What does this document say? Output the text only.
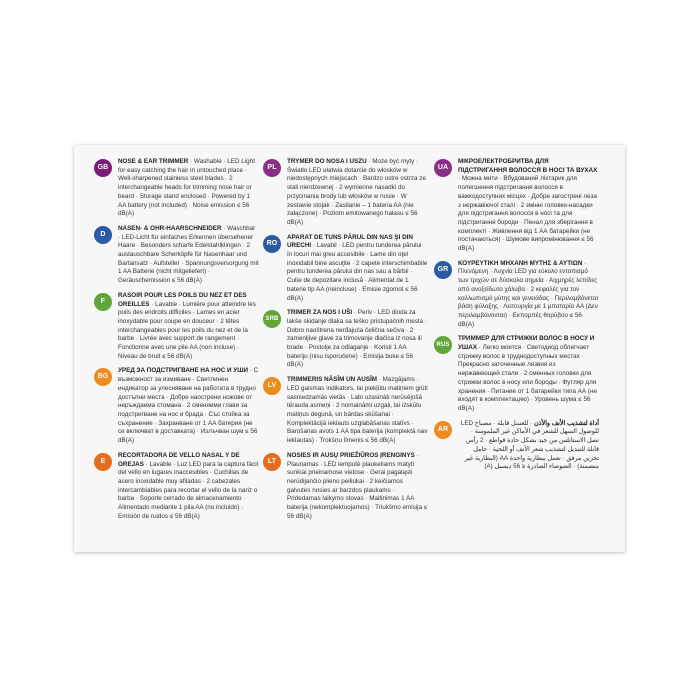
GB
NOSE & EAR TRIMMER · Washable · LED Light for easy catching the hair in untouched place · Well-sharpened stainless steel blades · 2 interchangeable heads for trimming nose hair or beard · Storage stand enclosed · Powered by 1 AA battery (not included) · Noise emission ≤ 56 dB(A)
D
NASEN- & OHR-HAARSCHNEIDER · Waschbar · LED-Licht für einfaches Erkennen übersehener Haare · Besonders scharfe Edelstahlklingen · 2 austauschbare Scherköpfe für Nasenhaar und Bartansatz · Aufsteller · Spannungsversorgung mit 1 AA Batterie (nicht mitgeliefert) · Geräuschemission ≤ 56 dB(A)
F
RASOIR POUR LES POILS DU NEZ ET DES OREILLES · Lavable · Lumière pour atteindre les poils des endroits difficiles · Lames en acier inoxydable pour coupe en douceur · 2 têtes interchangeables pour les poils du nez et de la barbe · Livrée avec support de rangement · Fonctionne avec une pile AA (non incluse) · Niveau de bruit ≤ 56 dB(A)
BG
УРЕД ЗА ПОДСТРИГВАНЕ НА НОС И УШИ · С възможност за измиване · Светлинен индикатор за улесняване на работата в трудно достъпни места · Добре наострени ножове от неръждаема стомана · 2 сменяеми глави за подстригване на нос и брада · Със стойка за съхранение · Захранване от 1 АА батерия (не се включват в доставката) · Излъчван шум ≤ 56 dB(A)
E
RECORTADORA DE VELLO NASAL Y DE OREJAS · Lavable · Luz LED para la captura fácil del vello en lugares inaccesibles · Cuchillas de acero inoxidable muy afiladas · 2 cabezales intercambiables para recortar el vello de la nariz o barba · Soporte cerrado de almacenamiento · Alimentado mediante 1 pila AA (no incluido) · Emisión de ruidos ≤ 56 dB(A)
PL
TRYMER DO NOSA I USZU · Może być myty · Światło LED ułatwia dotarcie do włosków w niedostępnych miejscach · Bardzo ostre ostrza ze stali nierdzewnej · 2 wymienne nasadki do przycinania brody lub włosków w nosie · W zestawie stojak · Zasilanie – 1 bateria AA (nie załączone) · Poziom emitowanego hałasu ≤ 56 dB(A)
RO
APARAT DE TUNS PĂRUL DIN NAS ŞI DIN URECHI · Lavabil · LED pentru tunderea părului în locuri mai greu accesibile · Lame din oţel inoxidabil bine ascuţite · 2 capete interschimbabile pentru tunderea părului din nas sau a bărbii · Cutie de depozitare inclusă · Alimentat de 1 baterie tip AA (neinclusе) · Emisie zgomot ≤ 56 dB(A)
SRB
TRIMER ZA NOS I UŠI · Periv · LED dioda za lakše skidanje dlaka sa teško pristupačnih mesta · Dobro naoštrena nerđajuća čelična sečiva · 2 zamenljive glave za trimovanje dlačica iz nosa ili brade · Postolje za odlaganje · Koristi 1 AA bateriju (nisu isporučene) · Emisija buke ≤ 56 dB(A)
LV
TRIMMERIS NĀSĪM UN AUSĪM · Mazgājams · LED gaismas indikators, lai piekļūtu matiņiem grūti sasniedzamās vietās · Labi uzasināti nerūsējošā tērauda asmeņi · 2 nomaināmi uzgaļi, lai izskūtu matiņus degunā, un bārdas skūšanai · Komplektācijā ieklauts uzglabāšanas statīvs · Barošanas avots 1 AA tipa baterija (komplektā nav ieklautas) · Trokšņu līmenis ≤ 56 dB(A)
LT
NOSIES IR AUSŲ PRIEŽIŪROS ĮRENGINYS · Plaunamas · LED lemputė plaukeliams matyti sunkiai prieinamose vietose · Gerai pagaląsti nerūdijančio plieno peiliukai · 2 keičiamos galvutės nosies ar barzdos plaukams · Pridedamas laikymo stovas · Maitinimas 1 AA baterija (nekomplektuojamos) · Triukšmo emisija ≤ 56 dB(A)
UA
МІКРОЕЛЕКТРОБРИТВА ДЛЯ ПІДСТРИГАННЯ ВОЛОССЯ В НОСІ ТА ВУХАХ · Можна мити · Вбудований ліхтарик для полегшення підстригання волосся в важкодоступних місцях · Добре загострені леза з нержавіючої сталі · 2 змінні головки-насадки для підстригання волосся в носі та для підстригання бороди · Пенал для зберігання в комплекті · Живлення від 1 АА батарейки (не постачаються) · Шумове випромінювання ≤ 56 dB(A)
GR
ΚΟΥΡΕΥΤΙΚΗ ΜΗΧΑΝΗ ΜΥΤΗΣ & ΑΥΤΙΩΝ · Πλενόμενη · Λυχνία LED για εύκολο εντοπισμό των τριχών σε δύσκολα σημεία · Αιχμηρές λεπίδες από ανοξείδωτο χάλυβα · 2 κεφαλές για τον καλλωπισμό μύτης και γενειάδας · Περιλαμβάνεται βάση φύλαξης · Λειτουργία με 1 μπαταρία AA (Δεν περιλαμβάνονται) · Εκπομπές θορύβου ≤ 56 dB(A)
RUS
ТРИММЕР ДЛЯ СТРИЖКИ ВОЛОС В НОСУ И УШАХ · Легко моется · Светодиод облегчает стрижку волос в труднодоступных местах · Прекрасно заточенные лезвия из нержавеющей стали · 2 сменных головки для стрижки волос в носу или бороды · Футляр для хранения · Питание от 1 батарейки типа АА (не входят в комплектацию) · Уровень шума ≤ 56 dB(A)
AR
أداة لتشذيب الأنف والأذن · للغسل قابلة · مصباح LED للوصول السهل للشعر في الأماكن غير الملموسة · نصل الاستانلس من جيد بشكل حادة قواطع · 2 رأس قابلة للتبديل لتشذيب شعر الأنف أو اللحية · حامل تخزين مرفق · تعمل ببطارية واحدة AA (البطارية غير متضمنة) · الضوضاء الصادرة ≤ 56 ديسبل (A)
